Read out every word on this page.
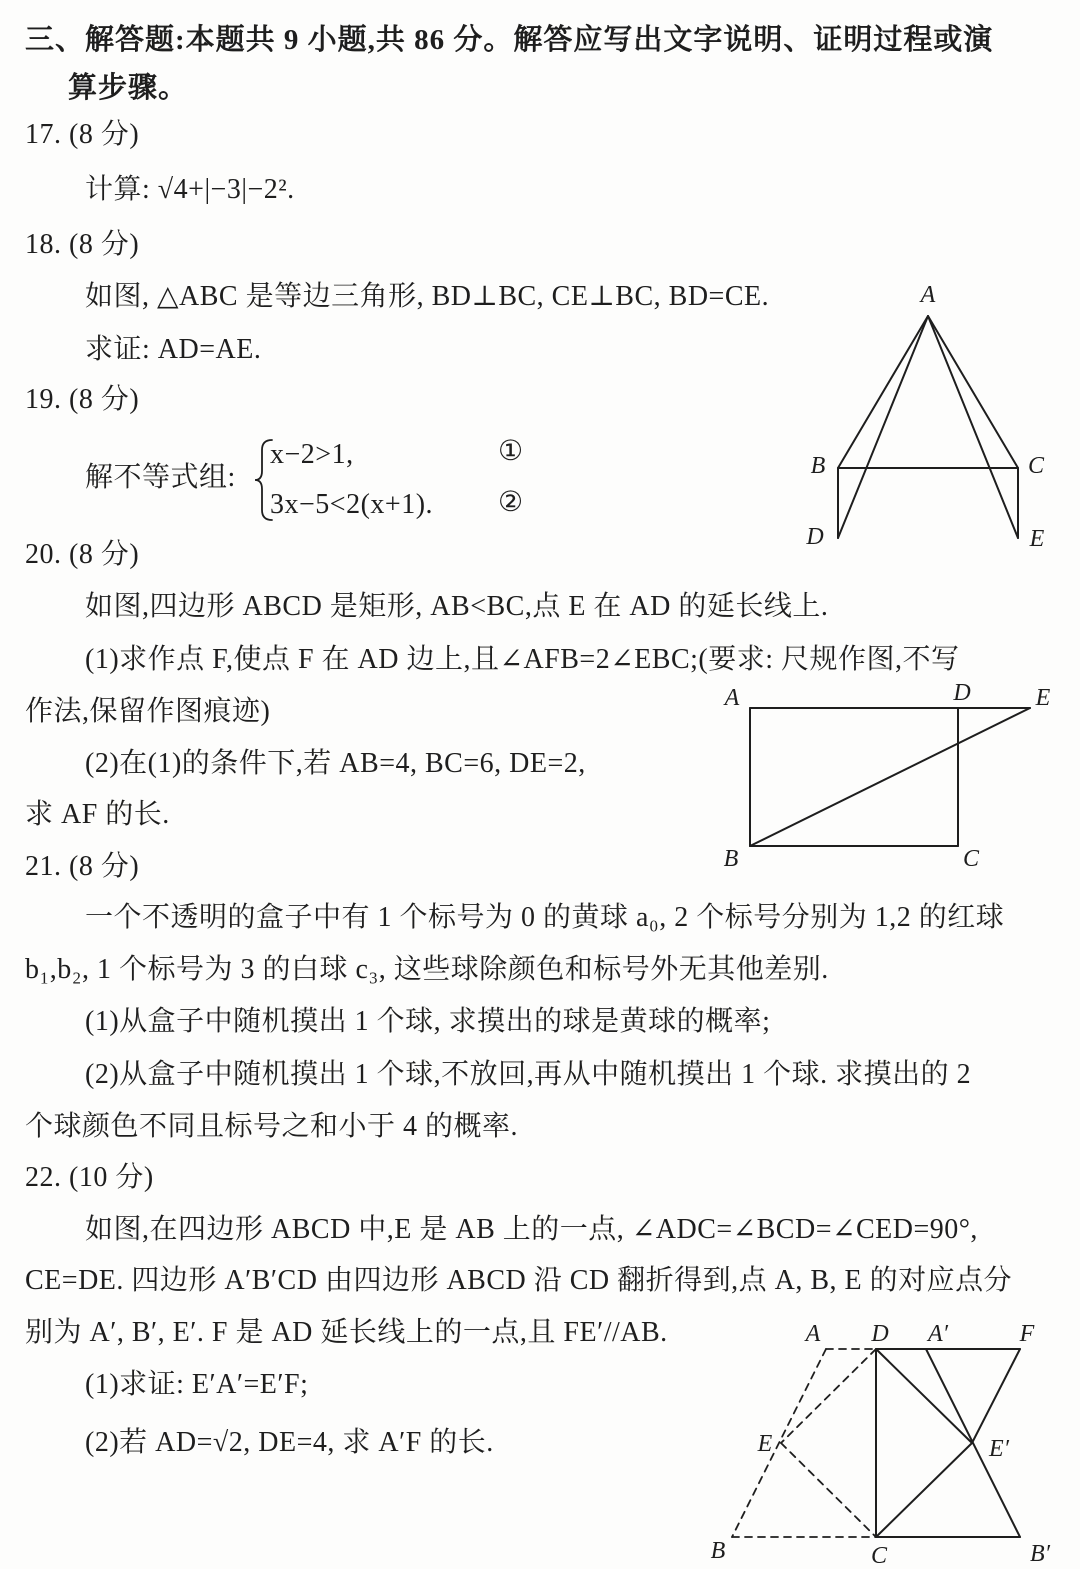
三、解答题:本题共 9 小题,共 86 分。解答应写出文字说明、证明过程或演
算步骤。
17. (8 分)
计算: √4+|−3|−2².
18. (8 分)
如图, △ABC 是等边三角形, BD⊥BC, CE⊥BC, BD=CE.
求证: AD=AE.
19. (8 分)
解不等式组:
x−2>1,
3x−5<2(x+1).
①
②
20. (8 分)
如图,四边形 ABCD 是矩形, AB<BC,点 E 在 AD 的延长线上.
(1)求作点 F,使点 F 在 AD 边上,且∠AFB=2∠EBC;(要求: 尺规作图,不写
作法,保留作图痕迹)
(2)在(1)的条件下,若 AB=4, BC=6, DE=2,
求 AF 的长.
21. (8 分)
一个不透明的盒子中有 1 个标号为 0 的黄球 a₀, 2 个标号分别为 1,2 的红球
b₁,b₂, 1 个标号为 3 的白球 c₃, 这些球除颜色和标号外无其他差别.
(1)从盒子中随机摸出 1 个球, 求摸出的球是黄球的概率;
(2)从盒子中随机摸出 1 个球,不放回,再从中随机摸出 1 个球. 求摸出的 2
个球颜色不同且标号之和小于 4 的概率.
22. (10 分)
如图,在四边形 ABCD 中,E 是 AB 上的一点, ∠ADC=∠BCD=∠CED=90°,
CE=DE. 四边形 A′B′CD 由四边形 ABCD 沿 CD 翻折得到,点 A, B, E 的对应点分
别为 A′, B′, E′. F 是 AD 延长线上的一点,且 FE′//AB.
(1)求证: E′A′=E′F;
(2)若 AD=√2, DE=4, 求 A′F 的长.
A
B	C
D	E
A	D	E
B	C
A D A′	F
E	E′
B	C	B′
